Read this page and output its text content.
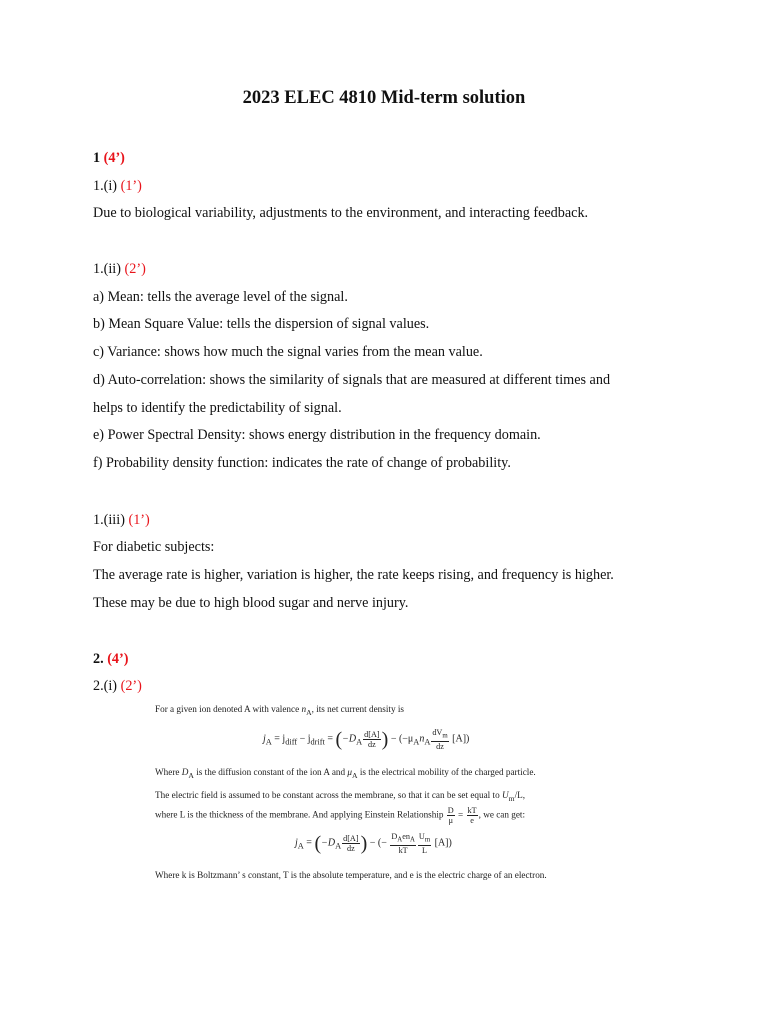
2023 ELEC 4810 Mid-term solution
1 (4’)
1.(i) (1’)
Due to biological variability, adjustments to the environment, and interacting feedback.
1.(ii) (2’)
a) Mean: tells the average level of the signal.
b) Mean Square Value: tells the dispersion of signal values.
c) Variance: shows how much the signal varies from the mean value.
d) Auto-correlation: shows the similarity of signals that are measured at different times and
helps to identify the predictability of signal.
e) Power Spectral Density: shows energy distribution in the frequency domain.
f) Probability density function: indicates the rate of change of probability.
1.(iii) (1’)
For diabetic subjects:
The average rate is higher, variation is higher, the rate keeps rising, and frequency is higher.
These may be due to high blood sugar and nerve injury.
2. (4’)
2.(i) (2’)
For a given ion denoted A with valence $n_A$, its net current density is
$j_A = j_{diff} - j_{drift} = (-D_A \frac{d[A]}{dz}$ ) − $(-\mu_An_A \frac{dV_m}{dz} [A])$
Where $D_A$ is the diffusion constant of the ion A and $\mu_A$ is the electrical mobility of the charged particle.
The electric field is assumed to be constant across the membrane, so that it can be set equal to $U_m/L$,
where L is the thickness of the membrane. And applying Einstein Relationship $\frac{D}{\mu} = \frac{kT}{e}$ , we can get:
$j_A = (-D_A \frac{d[A]}{dz}$ ) − (− $\frac{D_Aen_A}{kT} \frac{U_m}{L} [A]$)
Where k is Boltzmann’ s constant, T is the absolute temperature, and e is the electric charge of an electron.
